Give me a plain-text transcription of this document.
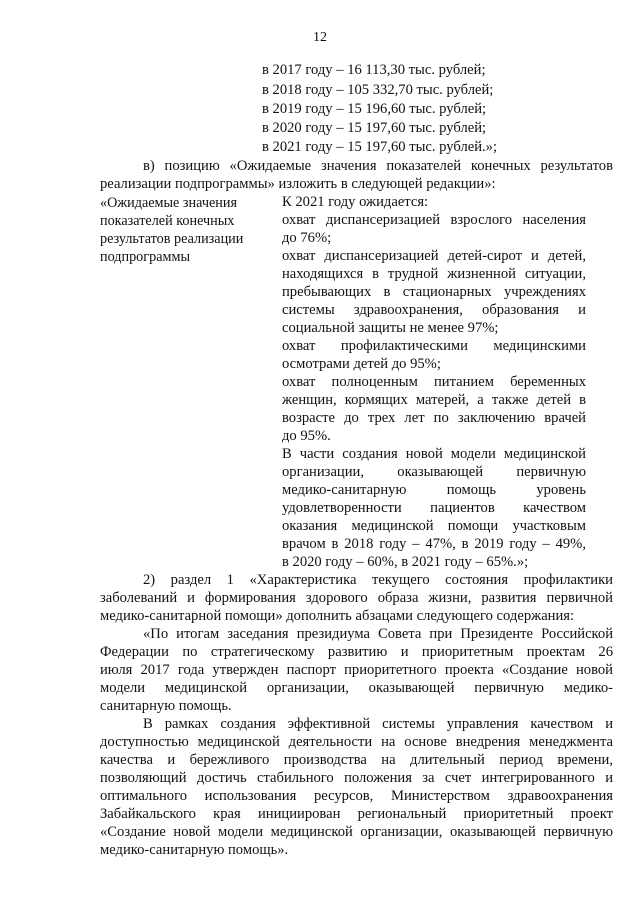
12
в 2017 году – 16 113,30 тыс. рублей;
в 2018 году – 105 332,70 тыс. рублей;
в 2019 году – 15 196,60 тыс. рублей;
в 2020 году – 15 197,60 тыс. рублей;
в 2021 году – 15 197,60 тыс. рублей.»;
в) позицию «Ожидаемые значения показателей конечных результатов
реализации подпрограммы» изложить в следующей редакции»:
«Ожидаемые значения
показателей конечных
результатов реализации
подпрограммы
К 2021 году ожидается:
охват диспансеризацией взрослого населения
до 76%;
охват диспансеризацией детей-сирот и детей,
находящихся в трудной жизненной ситуации,
пребывающих в стационарных учреждениях
системы здравоохранения, образования и
социальной защиты не менее 97%;
охват профилактическими медицинскими
осмотрами детей до 95%;
охват полноценным питанием беременных
женщин, кормящих матерей, а также детей в
возрасте до трех лет по заключению врачей
до 95%.
В части создания новой модели медицинской
организации, оказывающей первичную
медико-санитарную помощь уровень
удовлетворенности пациентов качеством
оказания медицинской помощи участковым
врачом в 2018 году – 47%, в 2019 году – 49%,
в 2020 году – 60%, в 2021 году – 65%.»;
2) раздел 1 «Характеристика текущего состояния профилактики
заболеваний и формирования здорового образа жизни, развития первичной
медико-санитарной помощи» дополнить абзацами следующего содержания:
«По итогам заседания президиума Совета при Президенте Российской
Федерации по стратегическому развитию и приоритетным проектам 26
июля 2017 года утвержден паспорт приоритетного проекта «Создание новой
модели медицинской организации, оказывающей первичную медико-
санитарную помощь.
В рамках создания эффективной системы управления качеством и
доступностью медицинской деятельности на основе внедрения менеджмента
качества и бережливого производства на длительный период времени,
позволяющий достичь стабильного положения за счет интегрированного и
оптимального использования ресурсов, Министерством здравоохранения
Забайкальского края инициирован региональный приоритетный проект
«Создание новой модели медицинской организации, оказывающей первичную
медико-санитарную помощь».
